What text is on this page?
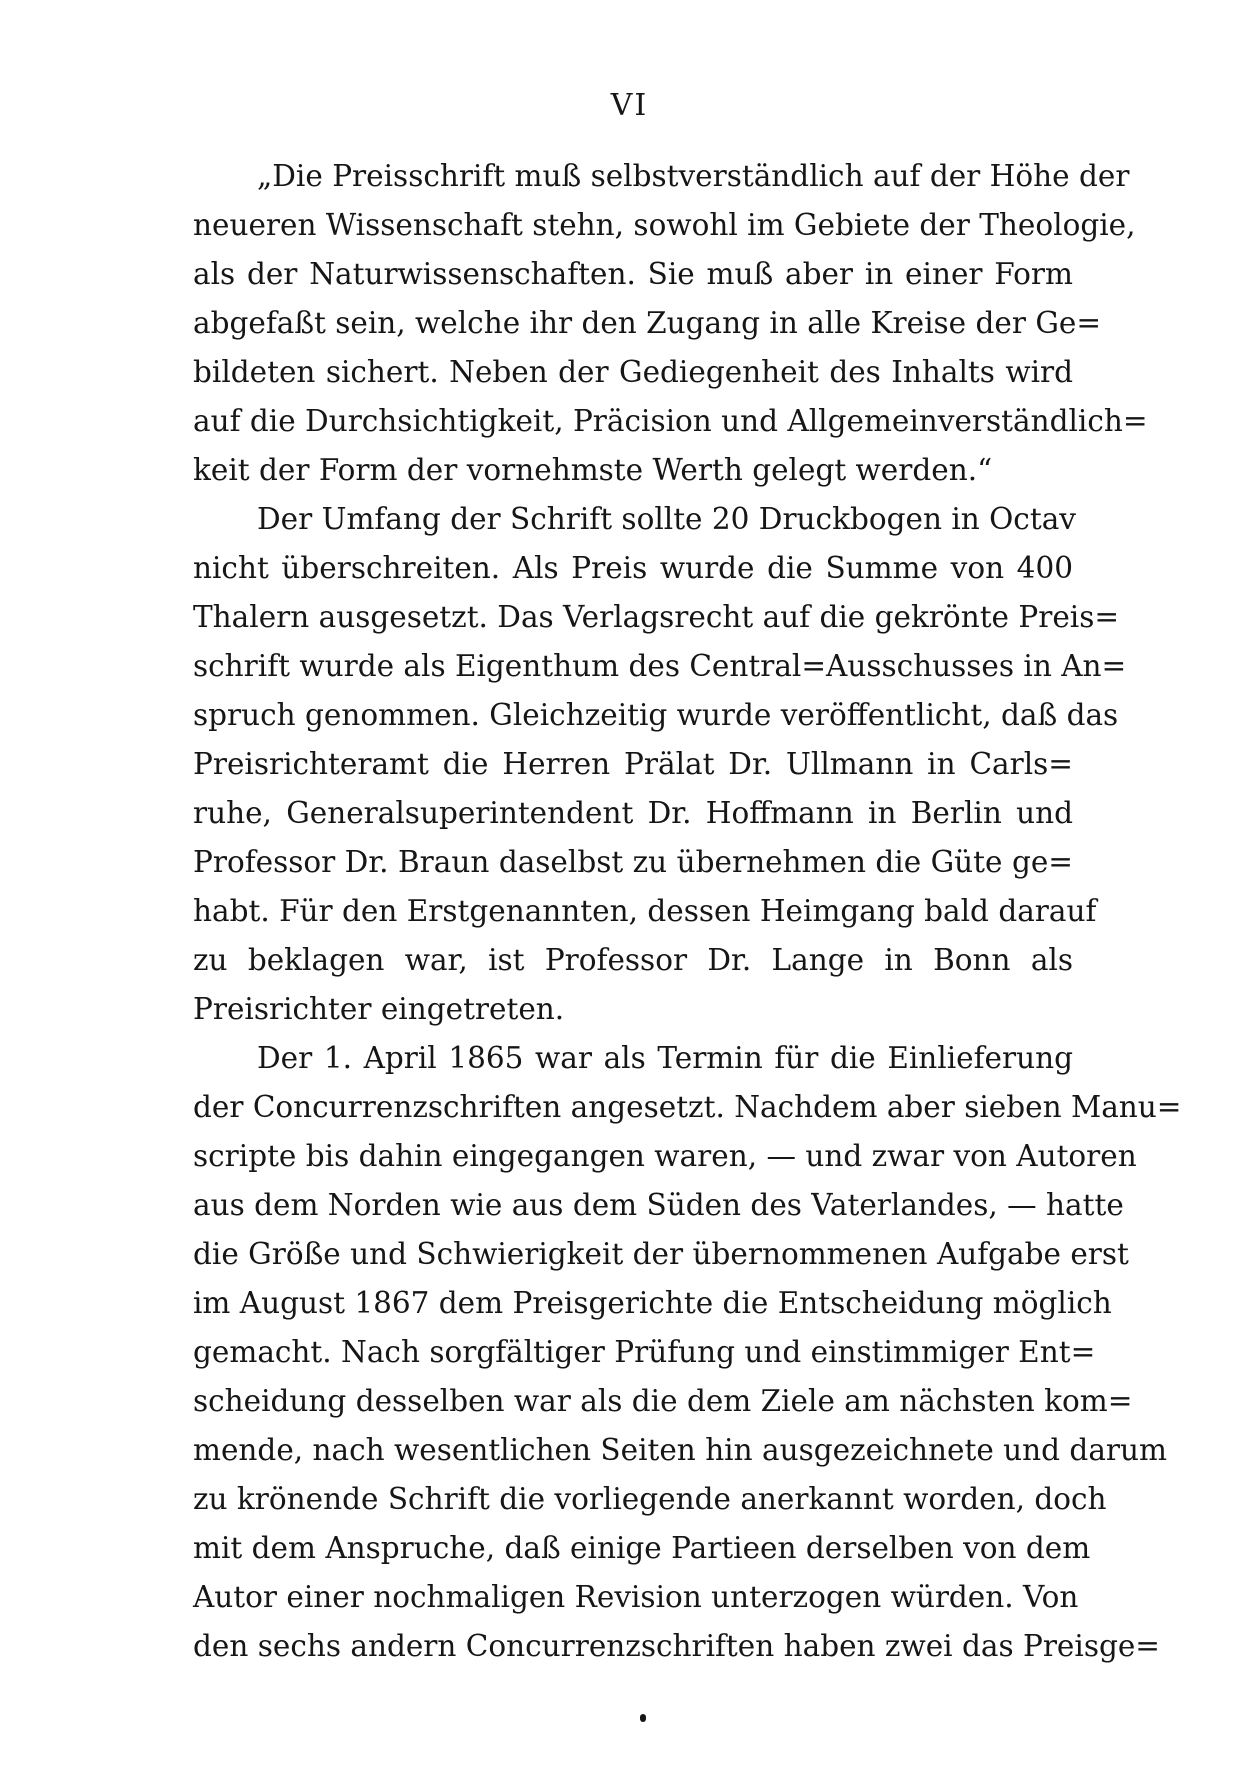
VI
„Die Preisschrift muß selbstverständlich auf der Höhe der
neueren Wissenschaft stehn, sowohl im Gebiete der Theologie,
als der Naturwissenschaften. Sie muß aber in einer Form
abgefaßt sein, welche ihr den Zugang in alle Kreise der Ge=
bildeten sichert. Neben der Gediegenheit des Inhalts wird
auf die Durchsichtigkeit, Präcision und Allgemeinverständlich=
keit der Form der vornehmste Werth gelegt werden.“
Der Umfang der Schrift sollte 20 Druckbogen in Octav
nicht überschreiten. Als Preis wurde die Summe von 400
Thalern ausgesetzt. Das Verlagsrecht auf die gekrönte Preis=
schrift wurde als Eigenthum des Central=Ausschusses in An=
spruch genommen. Gleichzeitig wurde veröffentlicht, daß das
Preisrichteramt die Herren Prälat Dr. Ullmann in Carls=
ruhe, Generalsuperintendent Dr. Hoffmann in Berlin und
Professor Dr. Braun daselbst zu übernehmen die Güte ge=
habt. Für den Erstgenannten, dessen Heimgang bald darauf
zu beklagen war, ist Professor Dr. Lange in Bonn als
Preisrichter eingetreten.
Der 1. April 1865 war als Termin für die Einlieferung
der Concurrenzschriften angesetzt. Nachdem aber sieben Manu=
scripte bis dahin eingegangen waren, — und zwar von Autoren
aus dem Norden wie aus dem Süden des Vaterlandes, — hatte
die Größe und Schwierigkeit der übernommenen Aufgabe erst
im August 1867 dem Preisgerichte die Entscheidung möglich
gemacht. Nach sorgfältiger Prüfung und einstimmiger Ent=
scheidung desselben war als die dem Ziele am nächsten kom=
mende, nach wesentlichen Seiten hin ausgezeichnete und darum
zu krönende Schrift die vorliegende anerkannt worden, doch
mit dem Anspruche, daß einige Partieen derselben von dem
Autor einer nochmaligen Revision unterzogen würden. Von
den sechs andern Concurrenzschriften haben zwei das Preisge=
